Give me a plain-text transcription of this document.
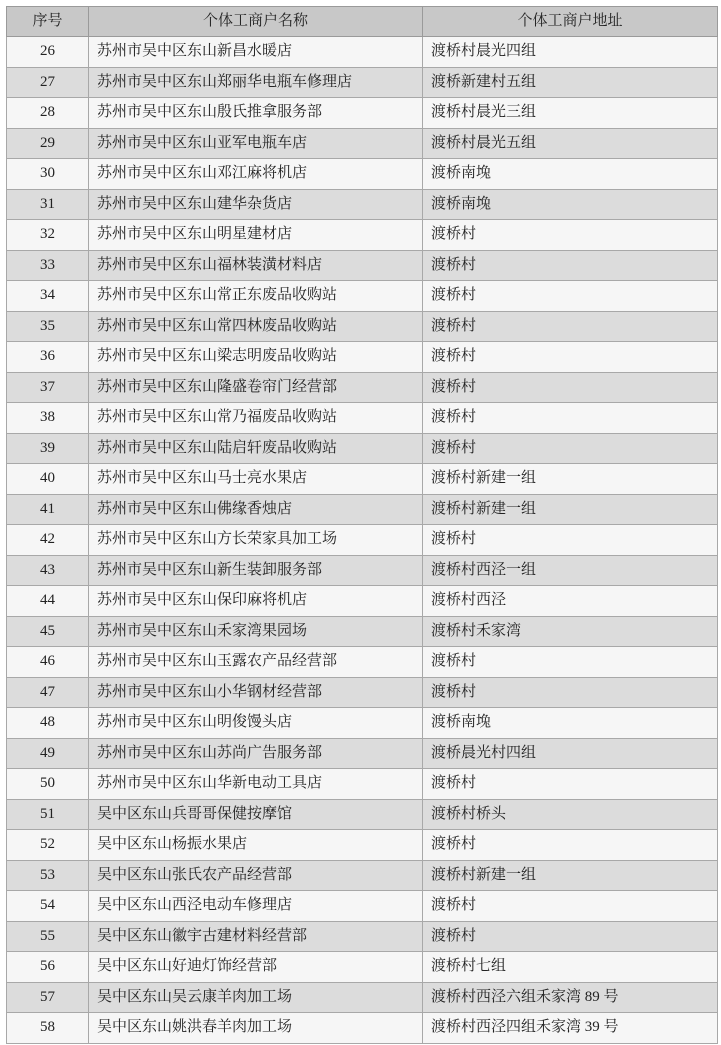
序号	个体工商户名称	个体工商户地址
26	苏州市吴中区东山新昌水暖店	渡桥村晨光四组
27	苏州市吴中区东山郑丽华电瓶车修理店	渡桥新建村五组
28	苏州市吴中区东山殷氏推拿服务部	渡桥村晨光三组
29	苏州市吴中区东山亚军电瓶车店	渡桥村晨光五组
30	苏州市吴中区东山邓江麻将机店	渡桥南堍
31	苏州市吴中区东山建华杂货店	渡桥南堍
32	苏州市吴中区东山明星建材店	渡桥村
33	苏州市吴中区东山福林装潢材料店	渡桥村
34	苏州市吴中区东山常正东废品收购站	渡桥村
35	苏州市吴中区东山常四林废品收购站	渡桥村
36	苏州市吴中区东山梁志明废品收购站	渡桥村
37	苏州市吴中区东山隆盛卷帘门经营部	渡桥村
38	苏州市吴中区东山常乃福废品收购站	渡桥村
39	苏州市吴中区东山陆启轩废品收购站	渡桥村
40	苏州市吴中区东山马士亮水果店	渡桥村新建一组
41	苏州市吴中区东山佛缘香烛店	渡桥村新建一组
42	苏州市吴中区东山方长荣家具加工场	渡桥村
43	苏州市吴中区东山新生装卸服务部	渡桥村西泾一组
44	苏州市吴中区东山保印麻将机店	渡桥村西泾
45	苏州市吴中区东山禾家湾果园场	渡桥村禾家湾
46	苏州市吴中区东山玉露农产品经营部	渡桥村
47	苏州市吴中区东山小华钢材经营部	渡桥村
48	苏州市吴中区东山明俊馒头店	渡桥南堍
49	苏州市吴中区东山苏尚广告服务部	渡桥晨光村四组
50	苏州市吴中区东山华新电动工具店	渡桥村
51	吴中区东山兵哥哥保健按摩馆	渡桥村桥头
52	吴中区东山杨振水果店	渡桥村
53	吴中区东山张氏农产品经营部	渡桥村新建一组
54	吴中区东山西泾电动车修理店	渡桥村
55	吴中区东山徽宇古建材料经营部	渡桥村
56	吴中区东山好迪灯饰经营部	渡桥村七组
57	吴中区东山吴云康羊肉加工场	渡桥村西泾六组禾家湾 89 号
58	吴中区东山姚洪春羊肉加工场	渡桥村西泾四组禾家湾 39 号
